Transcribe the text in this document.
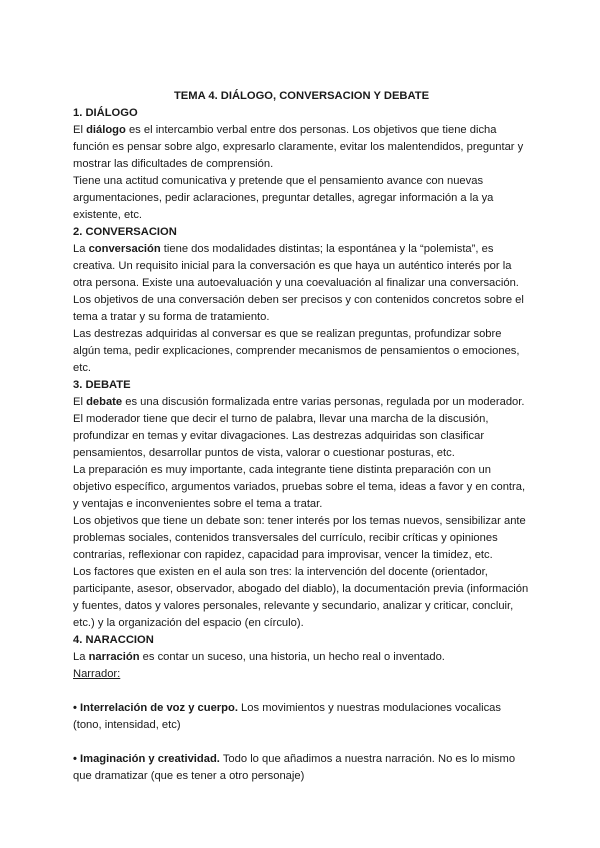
TEMA 4. DIÁLOGO, CONVERSACION Y DEBATE

1. DIÁLOGO

El diálogo es el intercambio verbal entre dos personas. Los objetivos que tiene dicha función es pensar sobre algo, expresarlo claramente, evitar los malentendidos, preguntar y mostrar las dificultades de comprensión.

Tiene una actitud comunicativa y pretende que el pensamiento avance con nuevas argumentaciones, pedir aclaraciones, preguntar detalles, agregar información a la ya existente, etc.

2. CONVERSACION

La conversación tiene dos modalidades distintas; la espontánea y la “polemista”, es creativa. Un requisito inicial para la conversación es que haya un auténtico interés por la otra persona. Existe una autoevaluación y una coevaluación al finalizar una conversación.

Los objetivos de una conversación deben ser precisos y con contenidos concretos sobre el tema a tratar y su forma de tratamiento.

Las destrezas adquiridas al conversar es que se realizan preguntas, profundizar sobre algún tema, pedir explicaciones, comprender mecanismos de pensamientos o emociones, etc.

3. DEBATE

El debate es una discusión formalizada entre varias personas, regulada por un moderador. El moderador tiene que decir el turno de palabra, llevar una marcha de la discusión, profundizar en temas y evitar divagaciones. Las destrezas adquiridas son clasificar pensamientos, desarrollar puntos de vista, valorar o cuestionar posturas, etc.

La preparación es muy importante, cada integrante tiene distinta preparación con un objetivo específico, argumentos variados, pruebas sobre el tema, ideas a favor y en contra, y ventajas e inconvenientes sobre el tema a tratar.

Los objetivos que tiene un debate son: tener interés por los temas nuevos, sensibilizar ante problemas sociales, contenidos transversales del currículo, recibir críticas y opiniones contrarias, reflexionar con rapidez, capacidad para improvisar, vencer la timidez, etc.

Los factores que existen en el aula son tres: la intervención del docente (orientador, participante, asesor, observador, abogado del diablo), la documentación previa (información y fuentes, datos y valores personales, relevante y secundario, analizar y criticar, concluir, etc.) y la organización del espacio (en círculo).

4. NARACCION

La narración es contar un suceso, una historia, un hecho real o inventado.

Narrador:

• Interrelación de voz y cuerpo. Los movimientos y nuestras modulaciones vocalicas (tono, intensidad, etc)

• Imaginación y creatividad. Todo lo que añadimos a nuestra narración. No es lo mismo que dramatizar (que es tener a otro personaje)
